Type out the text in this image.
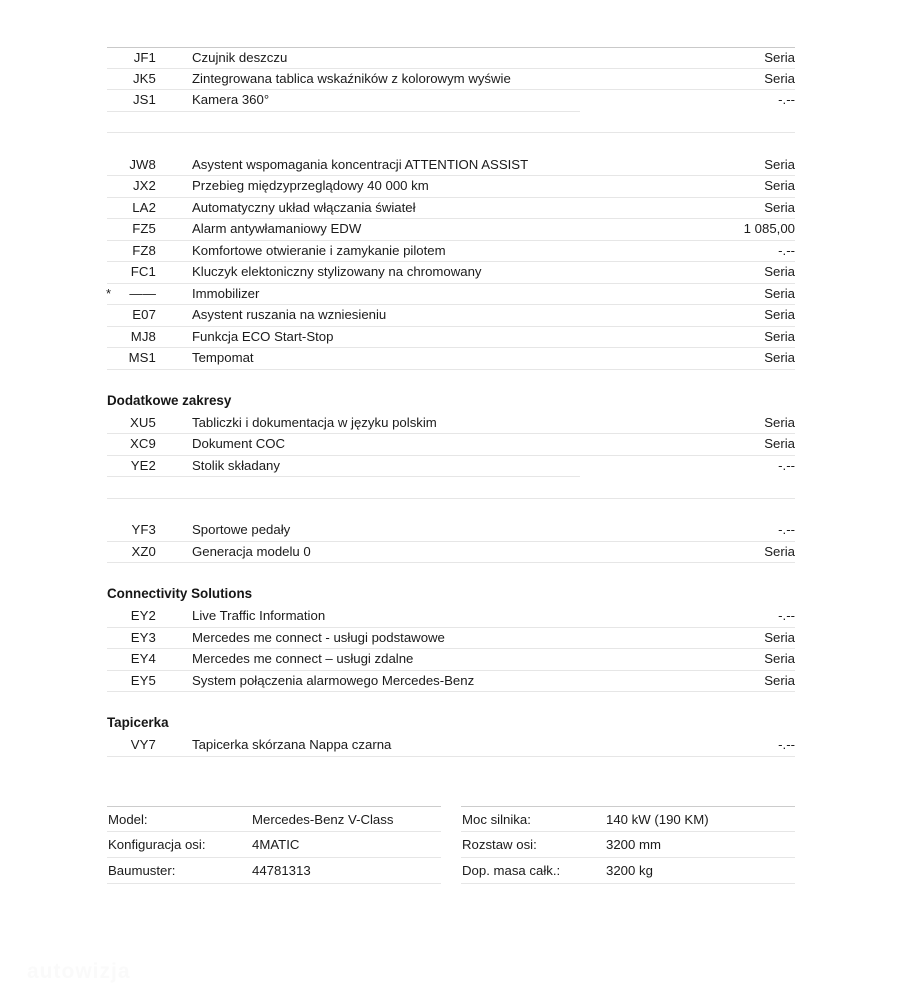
JF1	Czujnik deszczu	Seria
JK5	Zintegrowana tablica wskaźników z kolorowym wyświe	Seria
JS1	Kamera 360°	-.--
JW8	Asystent wspomagania koncentracji ATTENTION ASSIST	Seria
JX2	Przebieg międzyprzeglądowy 40 000 km	Seria
LA2	Automatyczny układ włączania świateł	Seria
FZ5	Alarm antywłamaniowy EDW	1 085,00
FZ8	Komfortowe otwieranie i zamykanie pilotem	-.--
FC1	Kluczyk elektoniczny stylizowany na chromowany	Seria
*	——	Immobilizer	Seria
E07	Asystent ruszania na wzniesieniu	Seria
MJ8	Funkcja ECO Start-Stop	Seria
MS1	Tempomat	Seria
Dodatkowe zakresy
XU5	Tabliczki i dokumentacja w języku polskim	Seria
XC9	Dokument COC	Seria
YE2	Stolik składany	-.--
YF3	Sportowe pedały	-.--
XZ0	Generacja modelu 0	Seria
Connectivity Solutions
EY2	Live Traffic Information	-.--
EY3	Mercedes me connect - usługi podstawowe	Seria
EY4	Mercedes me connect – usługi zdalne	Seria
EY5	System połączenia alarmowego Mercedes-Benz	Seria
Tapicerka
VY7	Tapicerka skórzana Nappa czarna	-.--
Model:	Mercedes-Benz V-Class
Konfiguracja osi:	4MATIC
Baumuster:	44781313
Moc silnika:	140 kW (190 KM)
Rozstaw osi:	3200 mm
Dop. masa całk.:	3200 kg
autowizja
